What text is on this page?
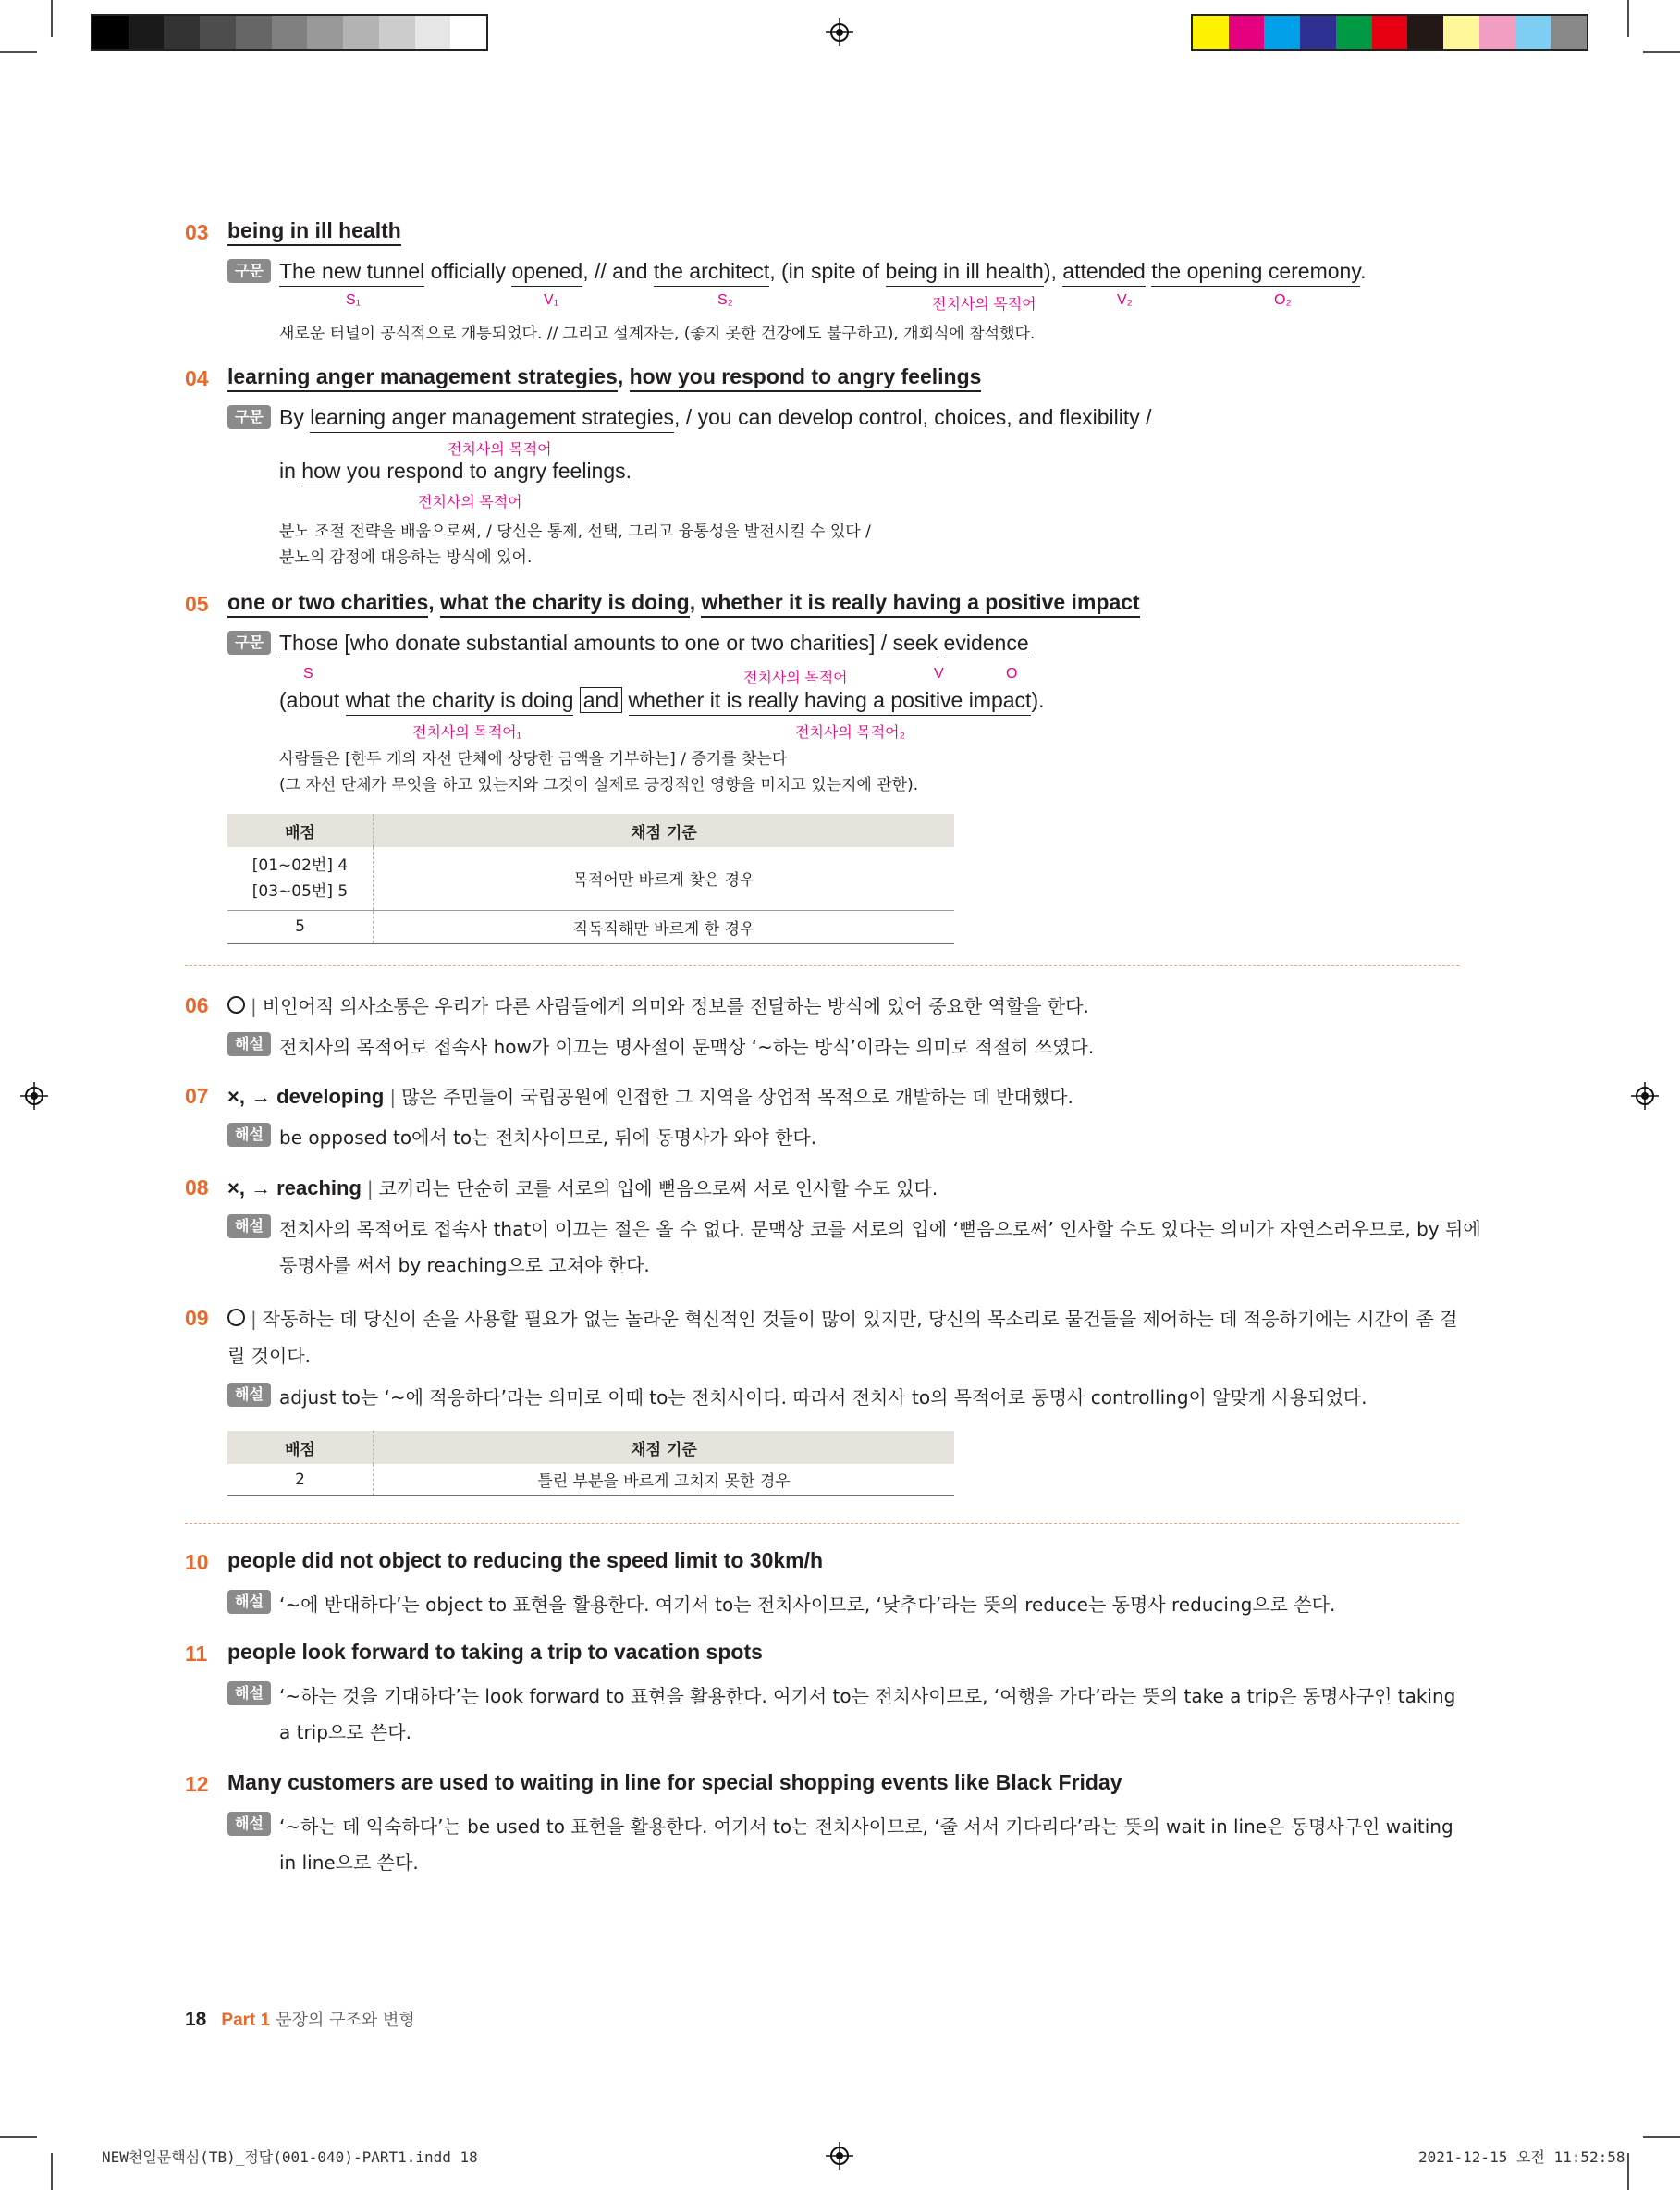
03 being in ill health
구문 The new tunnel officially opened, // and the architect, (in spite of being in ill health), attended the opening ceremony.
S₁	V₁	S₂	전치사의 목적어	V₂	O₂
새로운 터널이 공식적으로 개통되었다. // 그리고 설계자는, (좋지 못한 건강에도 불구하고), 개회식에 참석했다.
04 learning anger management strategies, how you respond to angry feelings
구문 By learning anger management strategies, / you can develop control, choices, and flexibility /
전치사의 목적어
in how you respond to angry feelings.
전치사의 목적어
분노 조절 전략을 배움으로써, / 당신은 통제, 선택, 그리고 융통성을 발전시킬 수 있다 /
분노의 감정에 대응하는 방식에 있어.
05 one or two charities, what the charity is doing, whether it is really having a positive impact
구문 Those [who donate substantial amounts to one or two charities] / seek evidence
S	전치사의 목적어	V	O
(about what the charity is doing and whether it is really having a positive impact).
전치사의 목적어₁	전치사의 목적어₂
사람들은 [한두 개의 자선 단체에 상당한 금액을 기부하는] / 증거를 찾는다
(그 자선 단체가 무엇을 하고 있는지와 그것이 실제로 긍정적인 영향을 미치고 있는지에 관한).
배점	채점 기준

[01~02번] 4
[03~05번] 5	목적어만 바르게 찾은 경우
5	직독직해만 바르게 한 경우
06	| 비언어적 의사소통은 우리가 다른 사람들에게 의미와 정보를 전달하는 방식에 있어 중요한 역할을 한다.
해설 전치사의 목적어로 접속사 how가 이끄는 명사절이 문맥상 ‘~하는 방식’이라는 의미로 적절히 쓰였다.
07 ×, → developing | 많은 주민들이 국립공원에 인접한 그 지역을 상업적 목적으로 개발하는 데 반대했다.
해설 be opposed to에서 to는 전치사이므로, 뒤에 동명사가 와야 한다.
08 ×, → reaching | 코끼리는 단순히 코를 서로의 입에 뻗음으로써 서로 인사할 수도 있다.
해설 전치사의 목적어로 접속사 that이 이끄는 절은 올 수 없다. 문맥상 코를 서로의 입에 ‘뻗음으로써’ 인사할 수도 있다는 의미가 자연스러우므로, by 뒤에
동명사를 써서 by reaching으로 고쳐야 한다.
09	| 작동하는 데 당신이 손을 사용할 필요가 없는 놀라운 혁신적인 것들이 많이 있지만, 당신의 목소리로 물건들을 제어하는 데 적응하기에는 시간이 좀 걸
릴 것이다.
해설 adjust to는 ‘~에 적응하다’라는 의미로 이때 to는 전치사이다. 따라서 전치사 to의 목적어로 동명사 controlling이 알맞게 사용되었다.
배점	채점 기준
2	틀린 부분을 바르게 고치지 못한 경우
10 people did not object to reducing the speed limit to 30km/h
해설 ‘~에 반대하다’는 object to 표현을 활용한다. 여기서 to는 전치사이므로, ‘낮추다’라는 뜻의 reduce는 동명사 reducing으로 쓴다.
11 people look forward to taking a trip to vacation spots
해설 ‘~하는 것을 기대하다’는 look forward to 표현을 활용한다. 여기서 to는 전치사이므로, ‘여행을 가다’라는 뜻의 take a trip은 동명사구인 taking
a trip으로 쓴다.
12 Many customers are used to waiting in line for special shopping events like Black Friday
해설 ‘~하는 데 익숙하다’는 be used to 표현을 활용한다. 여기서 to는 전치사이므로, ‘줄 서서 기다리다’라는 뜻의 wait in line은 동명사구인 waiting
in line으로 쓴다.
18 Part 1 문장의 구조와 변형
NEW천일문핵심(TB)_정답(001-040)-PART1.indd 18	2021-12-15 오전 11:52:58
